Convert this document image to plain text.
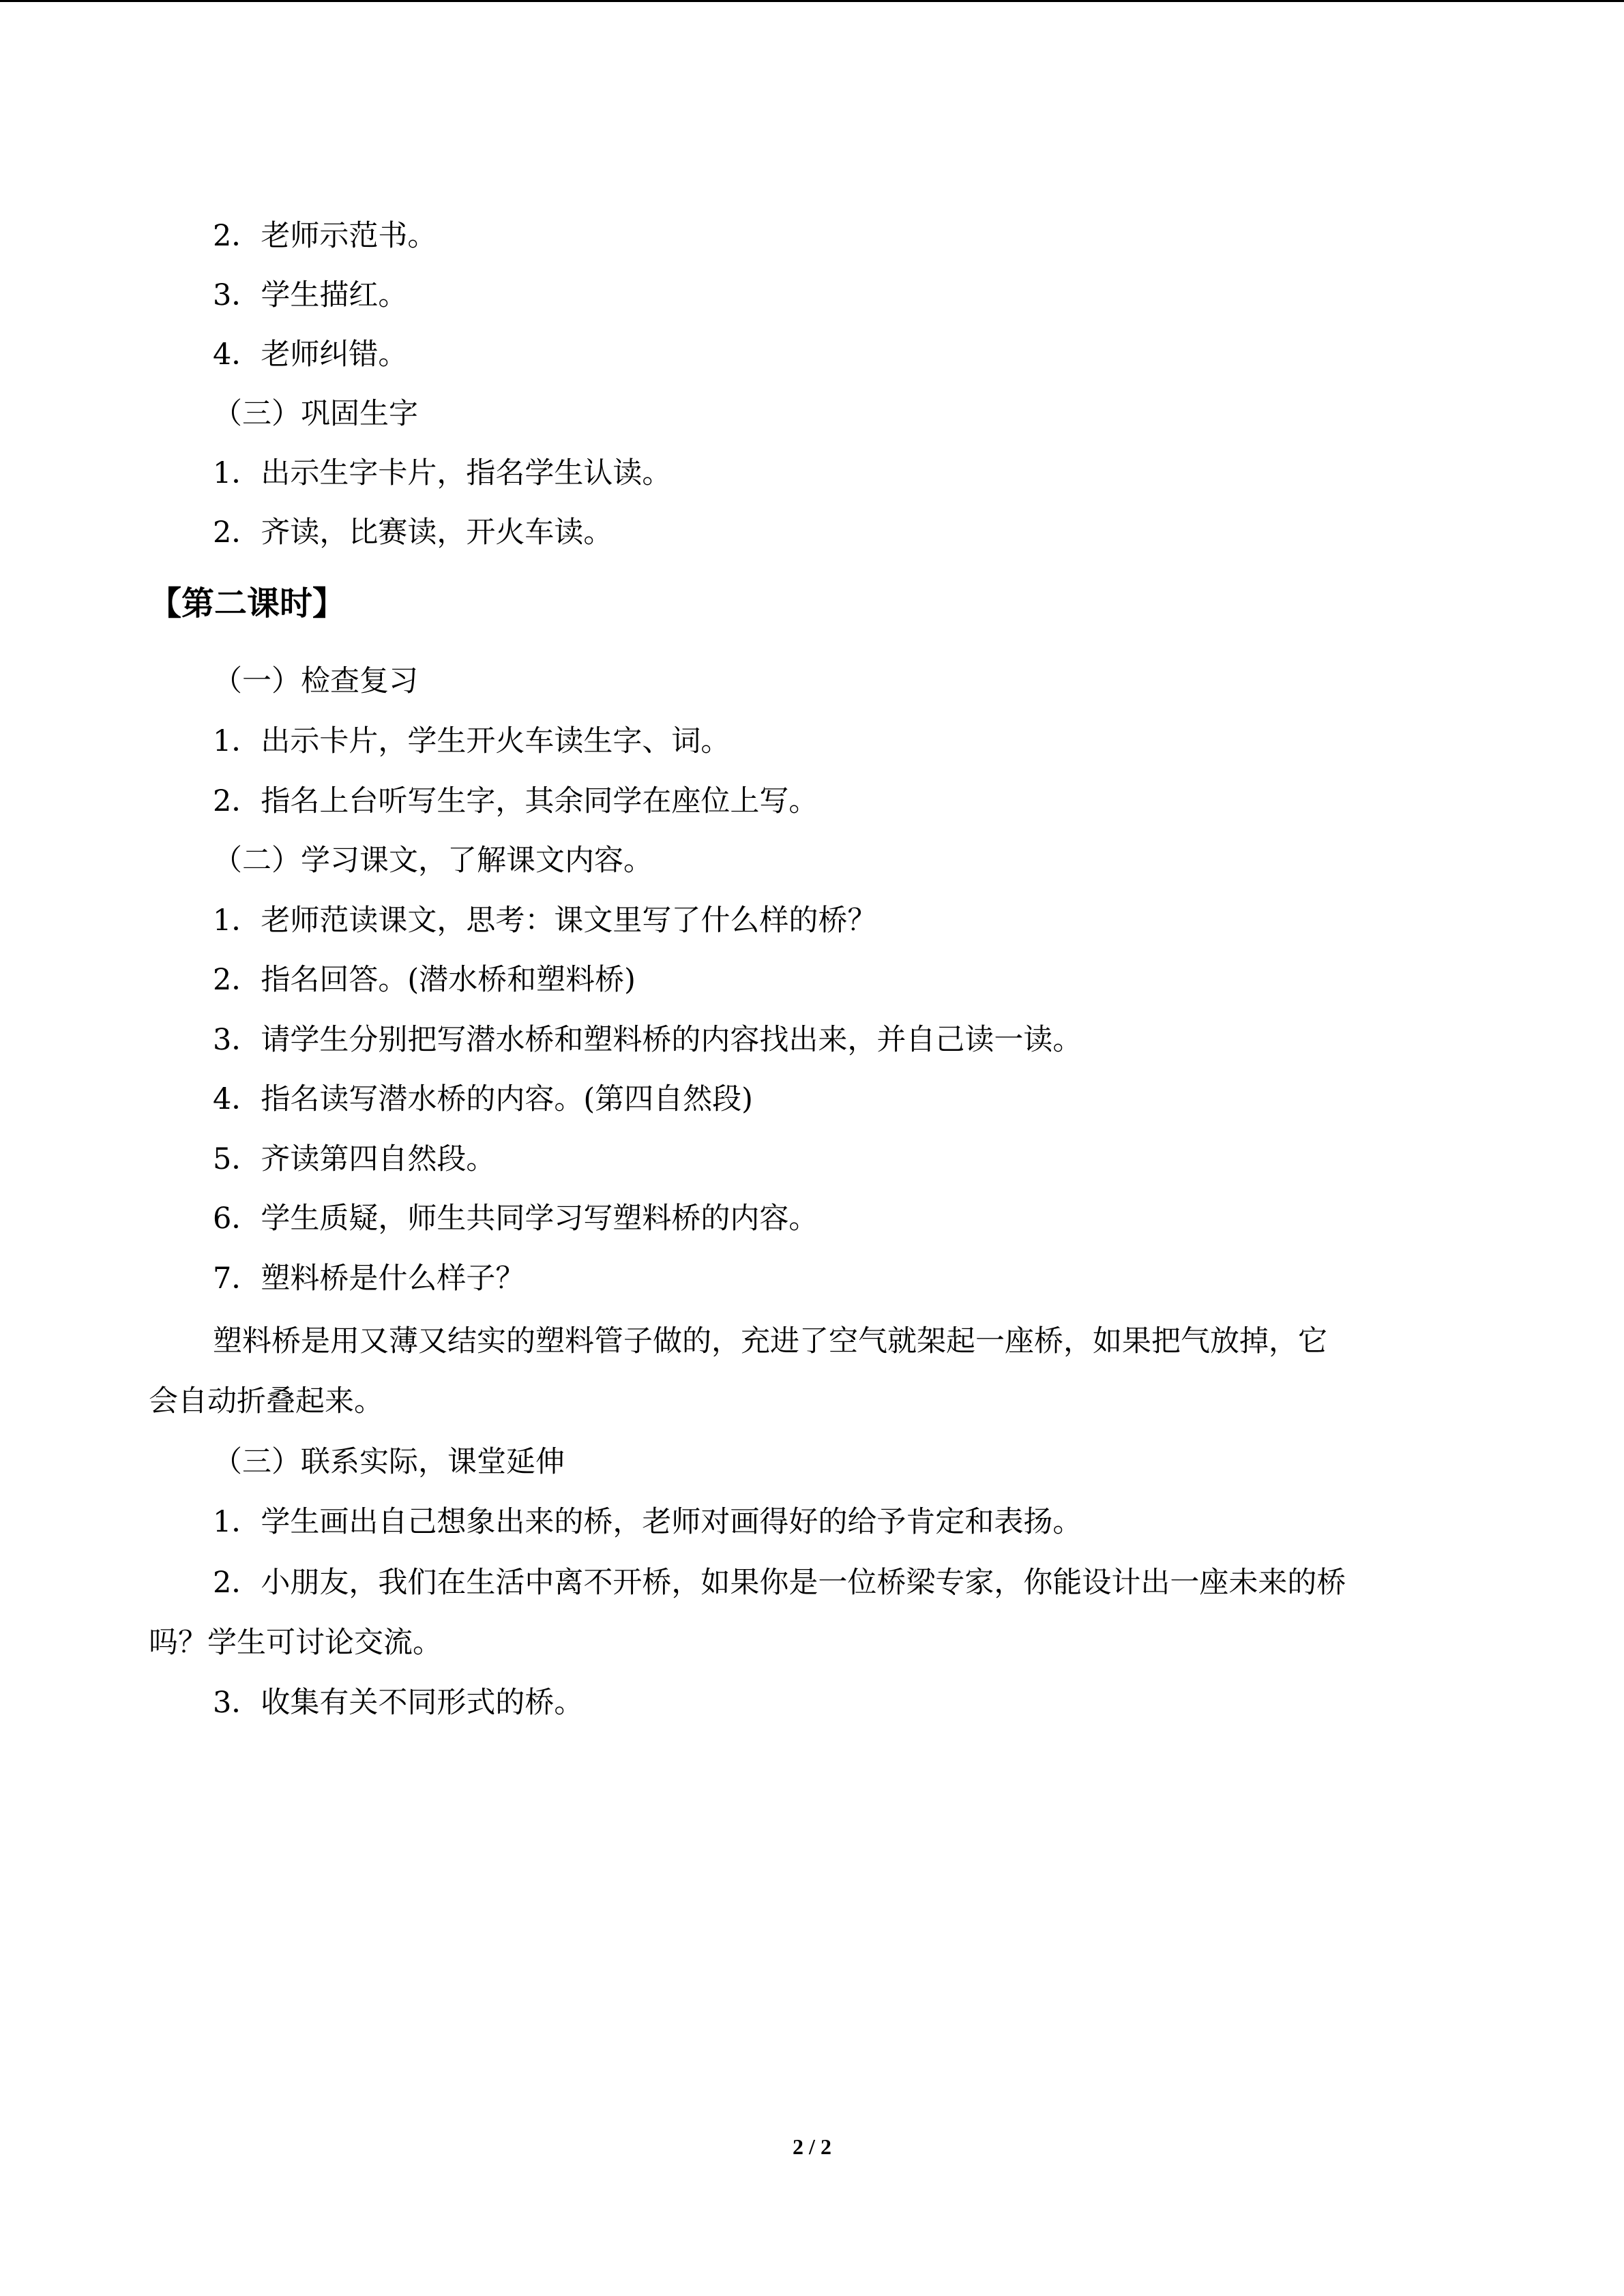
2．老师示范书。
3．学生描红。
4．老师纠错。
（三）巩固生字
1．出示生字卡片，指名学生认读。
2．齐读，比赛读，开火车读。
【第二课时】
（一）检查复习
1．出示卡片，学生开火车读生字、词。
2．指名上台听写生字，其余同学在座位上写。
（二）学习课文，了解课文内容。
1．老师范读课文，思考：课文里写了什么样的桥？
2．指名回答。(潜水桥和塑料桥)
3．请学生分别把写潜水桥和塑料桥的内容找出来，并自己读一读。
4．指名读写潜水桥的内容。(第四自然段)
5．齐读第四自然段。
6．学生质疑，师生共同学习写塑料桥的内容。
7．塑料桥是什么样子？
塑料桥是用又薄又结实的塑料管子做的，充进了空气就架起一座桥，如果把气放掉，它
会自动折叠起来。
（三）联系实际，课堂延伸
1．学生画出自己想象出来的桥，老师对画得好的给予肯定和表扬。
2．小朋友，我们在生活中离不开桥，如果你是一位桥梁专家，你能设计出一座未来的桥
吗？学生可讨论交流。
3．收集有关不同形式的桥。
2 / 2
